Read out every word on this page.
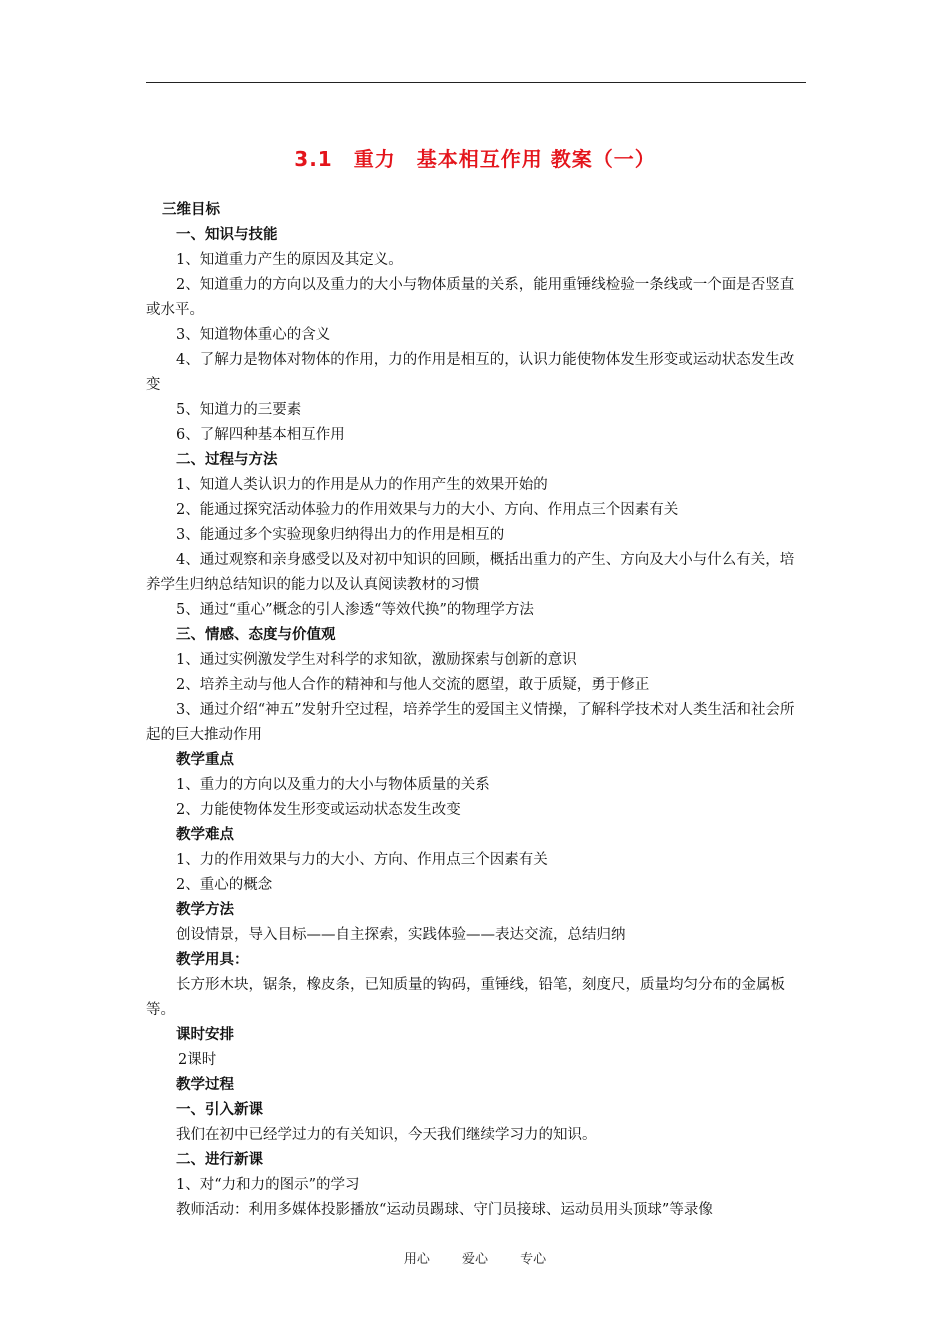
3.1　重力　基本相互作用 教案（一）

三维目标

一、知识与技能

1、知道重力产生的原因及其定义。

2、知道重力的方向以及重力的大小与物体质量的关系，能用重锤线检验一条线或一个面是否竖直或水平。

3、知道物体重心的含义

4、了解力是物体对物体的作用，力的作用是相互的，认识力能使物体发生形变或运动状态发生改变

5、知道力的三要素

6、了解四种基本相互作用

二、过程与方法

1、知道人类认识力的作用是从力的作用产生的效果开始的

2、能通过探究活动体验力的作用效果与力的大小、方向、作用点三个因素有关

3、能通过多个实验现象归纳得出力的作用是相互的

4、通过观察和亲身感受以及对初中知识的回顾，概括出重力的产生、方向及大小与什么有关，培养学生归纳总结知识的能力以及认真阅读教材的习惯

5、通过“重心”概念的引人渗透“等效代换”的物理学方法

三、情感、态度与价值观

1、通过实例激发学生对科学的求知欲，激励探索与创新的意识

2、培养主动与他人合作的精神和与他人交流的愿望，敢于质疑，勇于修正

3、通过介绍“神五”发射升空过程，培养学生的爱国主义情操，了解科学技术对人类生活和社会所起的巨大推动作用

教学重点

1、重力的方向以及重力的大小与物体质量的关系

2、力能使物体发生形变或运动状态发生改变

教学难点

1、力的作用效果与力的大小、方向、作用点三个因素有关

2、重心的概念

教学方法

创设情景，导入目标——自主探索，实践体验——表达交流，总结归纳

教学用具：

长方形木块，锯条，橡皮条，已知质量的钩码，重锤线，铅笔，刻度尺，质量均匀分布的金属板等。

课时安排

2课时

教学过程

一、引入新课

我们在初中已经学过力的有关知识，今天我们继续学习力的知识。

二、进行新课

1、对“力和力的图示”的学习

教师活动：利用多媒体投影播放“运动员踢球、守门员接球、运动员用头顶球”等录像

用心 爱心 专心
